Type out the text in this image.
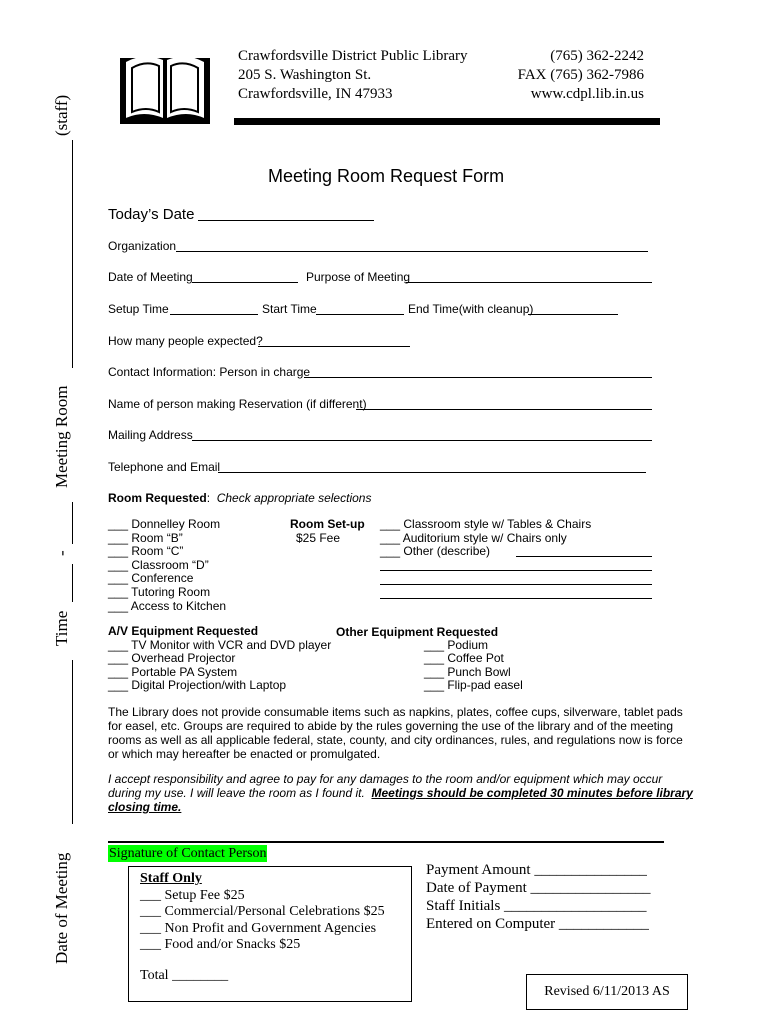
Date of Meeting
Time
-
Meeting Room
(staff)
Crawfordsville District Public Library
205 S. Washington St.
Crawfordsville, IN 47933
(765) 362-2242
FAX (765) 362-7986
www.cdpl.lib.in.us
Meeting Room Request Form
Today’s Date
Organization
Date of Meeting	Purpose of Meeting
Setup Time	Start Time	End Time(with cleanup)
How many people expected?
Contact Information: Person in charge
Name of person making Reservation (if different)
Mailing Address
Telephone and Email
Room Requested:  Check appropriate selections
___ Donnelley Room
___ Room “B”
___ Room “C”
___ Classroom “D”
___ Conference
___ Tutoring Room
___ Access to Kitchen
Room Set-up
$25 Fee
___ Classroom style w/ Tables & Chairs
___ Auditorium style w/ Chairs only
___ Other (describe)
A/V Equipment Requested
___ TV Monitor with VCR and DVD player
___ Overhead Projector
___ Portable PA System
___ Digital Projection/with Laptop
Other Equipment Requested
___ Podium
___ Coffee Pot
___ Punch Bowl
___ Flip-pad easel
The Library does not provide consumable items such as napkins, plates, coffee cups, silverware, tablet pads
for easel, etc. Groups are required to abide by the rules governing the use of the library and of the meeting
rooms as well as all applicable federal, state, county, and city ordinances, rules, and regulations now is force
or which may hereafter be enacted or promulgated.
I accept responsibility and agree to pay for any damages to the room and/or equipment which may occur
during my use. I will leave the room as I found it. Meetings should be completed 30 minutes before library
closing time.
Signature of Contact Person
Staff Only
___ Setup Fee $25
___ Commercial/Personal Celebrations $25
___ Non Profit and Government Agencies
___ Food and/or Snacks $25
Total ________
Payment Amount _______________
Date of Payment ________________
Staff Initials ___________________
Entered on Computer ____________
Revised 6/11/2013 AS
